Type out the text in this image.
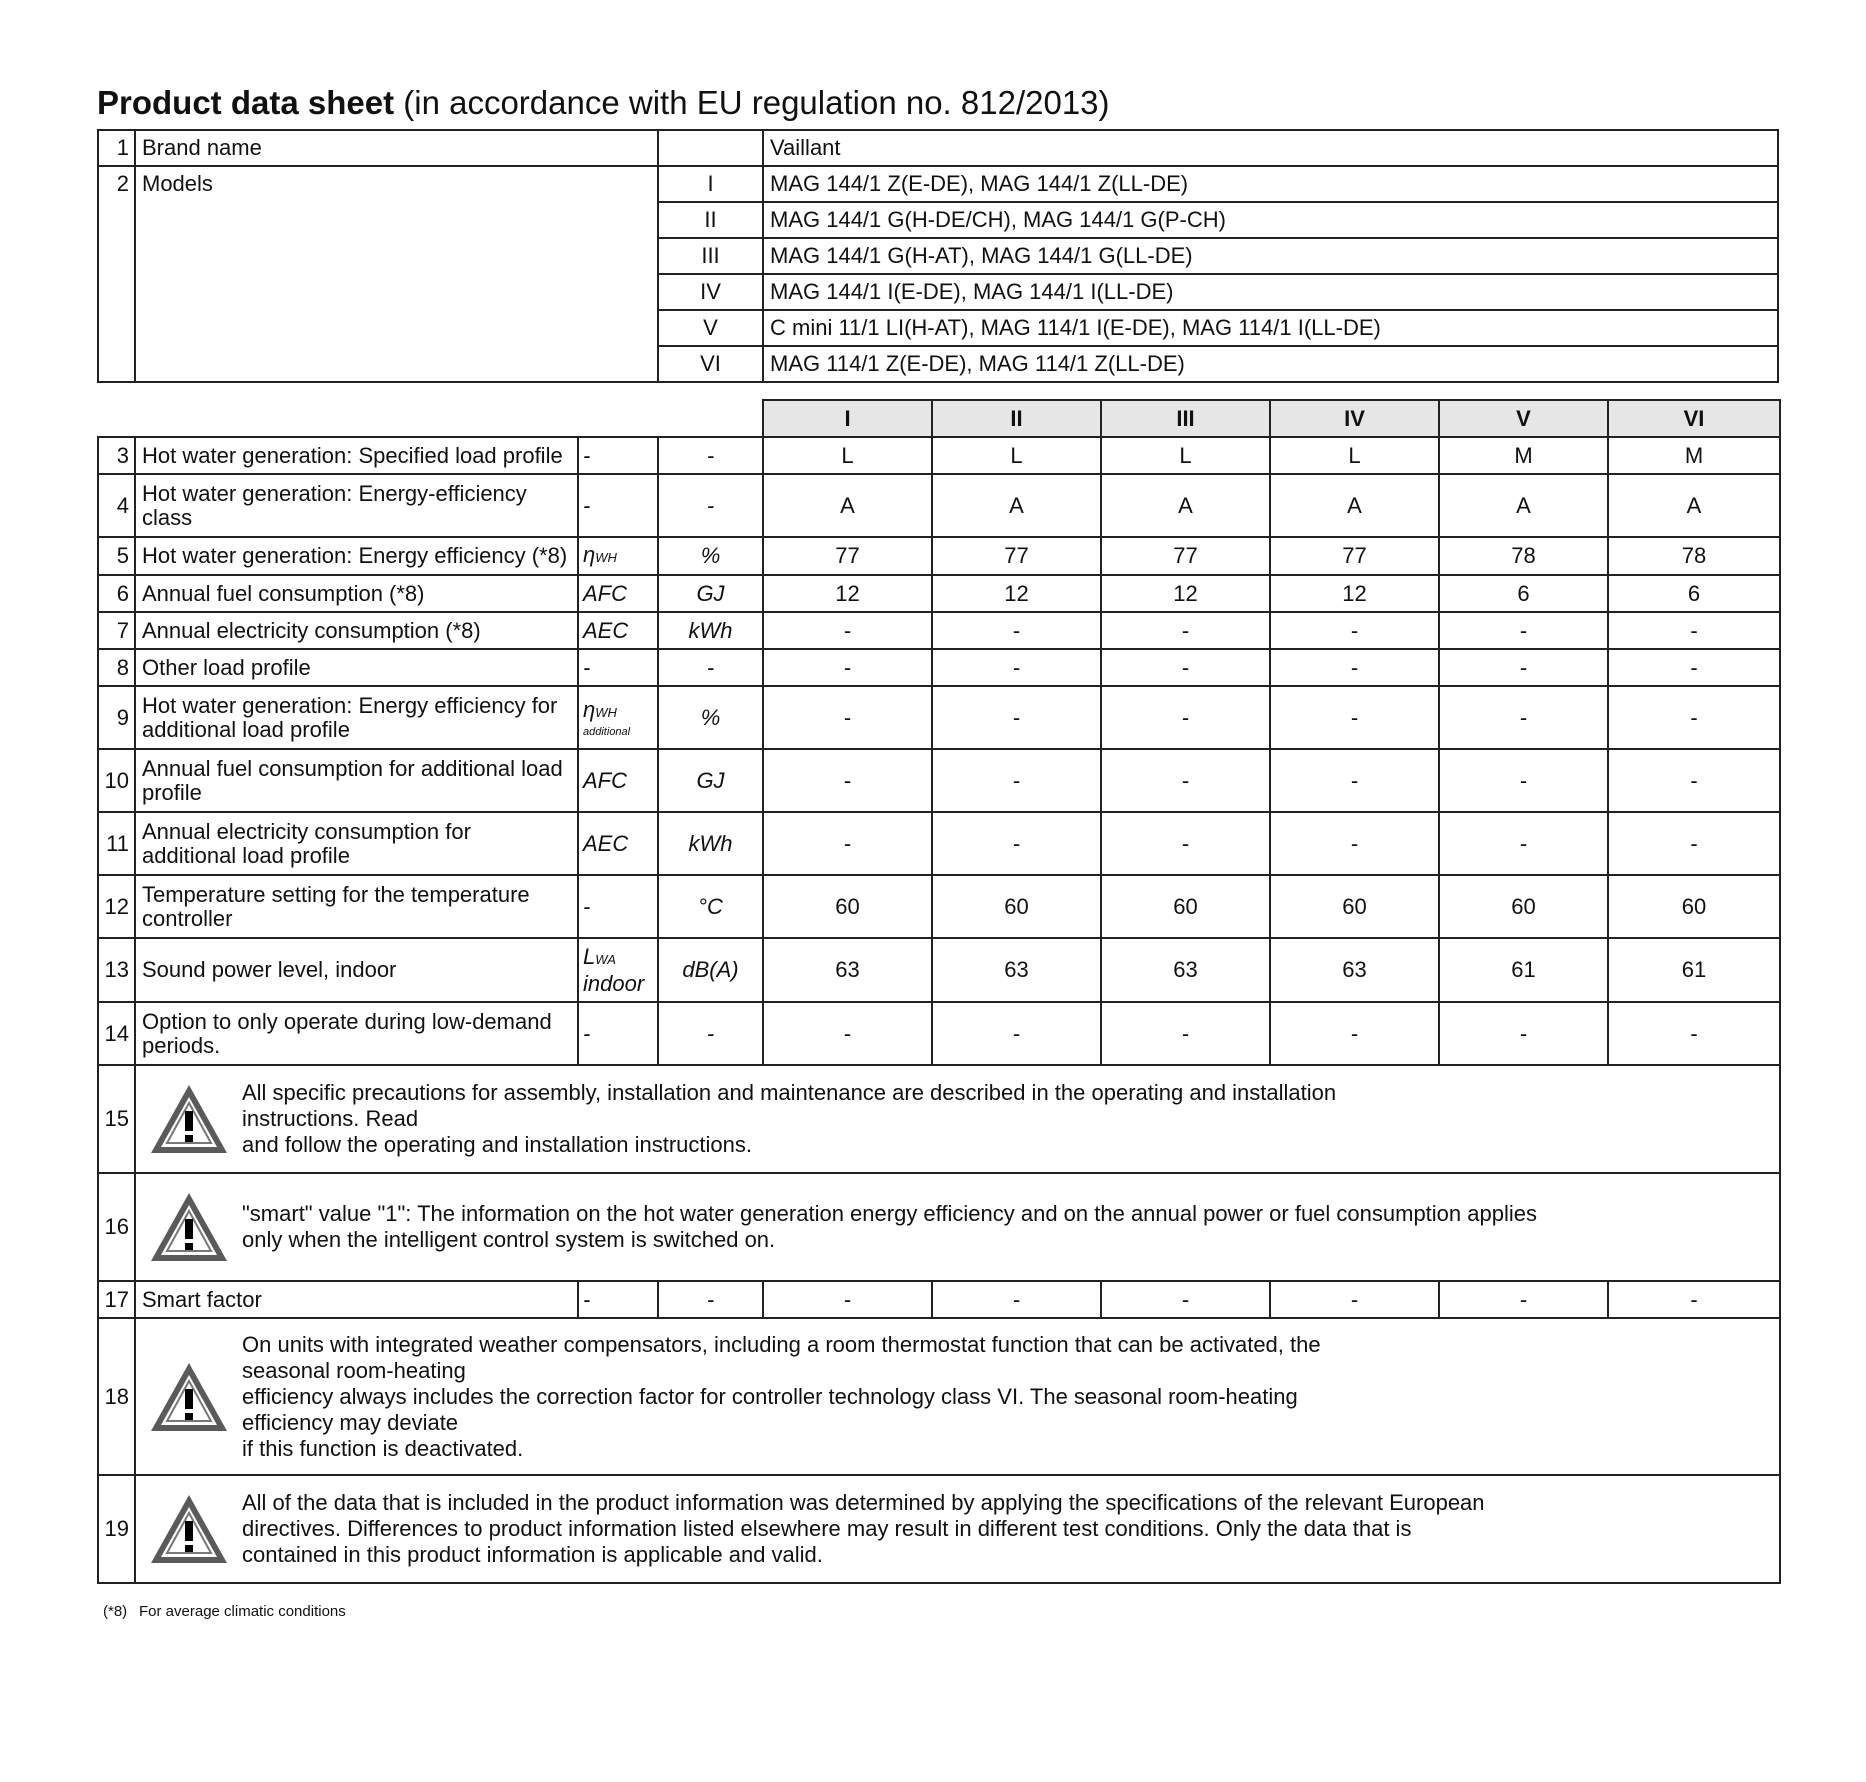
Product data sheet (in accordance with EU regulation no. 812/2013)
1	Brand name		Vaillant
2	Models	I	MAG 144/1 Z(E-DE), MAG 144/1 Z(LL-DE)
		II	MAG 144/1 G(H-DE/CH), MAG 144/1 G(P-CH)
		III	MAG 144/1 G(H-AT), MAG 144/1 G(LL-DE)
		IV	MAG 144/1 I(E-DE), MAG 144/1 I(LL-DE)
		V	C mini 11/1 LI(H-AT), MAG 114/1 I(E-DE), MAG 114/1 I(LL-DE)
		VI	MAG 114/1 Z(E-DE), MAG 114/1 Z(LL-DE)
				I	II	III	IV	V	VI
3	Hot water generation: Specified load profile	-	-	L	L	L	L	M	M
4	Hot water generation: Energy-efficiency class	-	-	A	A	A	A	A	A
5	Hot water generation: Energy efficiency (*8)	ηWH	%	77	77	77	77	78	78
6	Annual fuel consumption (*8)	AFC	GJ	12	12	12	12	6	6
7	Annual electricity consumption (*8)	AEC	kWh	-	-	-	-	-	-
8	Other load profile	-	-	-	-	-	-	-	-
9	Hot water generation: Energy efficiency for additional load profile	ηWH
additional	%	-	-	-	-	-	-
10	Annual fuel consumption for additional load profile	AFC	GJ	-	-	-	-	-	-
11	Annual electricity consumption for additional load profile	AEC	kWh	-	-	-	-	-	-
12	Temperature setting for the temperature controller	-	°C	60	60	60	60	60	60
13	Sound power level, indoor	LWA
indoor	dB(A)	63	63	63	63	61	61
14	Option to only operate during low-demand periods.	-	-	-	-	-	-	-	-
15	All specific precautions for assembly, installation and maintenance are described in the operating and installation
instructions. Read
and follow the operating and installation instructions.								

16	"smart" value "1": The information on the hot water generation energy efficiency and on the annual power or fuel consumption applies
only when the intelligent control system is switched on.								

17	Smart factor	-	-	-	-	-	-	-	-
18	On units with integrated weather compensators, including a room thermostat function that can be activated, the
seasonal room-heating
efficiency always includes the correction factor for controller technology class VI. The seasonal room-heating
efficiency may deviate
if this function is deactivated.								

19	All of the data that is included in the product information was determined by applying the specifications of the relevant European
directives. Differences to product information listed elsewhere may result in different test conditions. Only the data that is
contained in this product information is applicable and valid.								
(*8) For average climatic conditions
